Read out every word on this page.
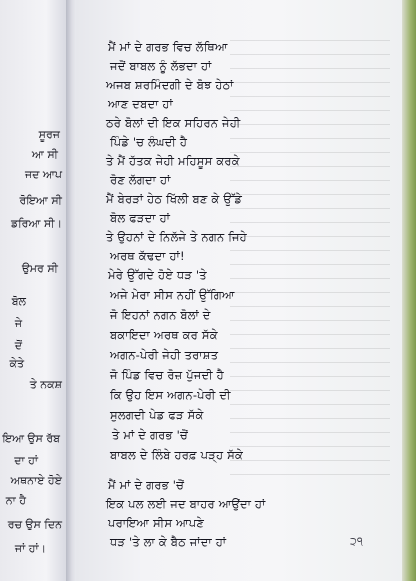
ਸੂਰਜ
ਆ ਸੀ
ਜਦ ਆਪ
ਰੋਇਆ ਸੀ
ਡਰਿਆ ਸੀ।
ਉਮਰ ਸੀ
ਬੋਲ
ਜੇ
ਦੋਂ
ਕੇਤੇ
ਤੇ ਨਕਸ਼
ਇਆ ਉਸ ਰੱਬ
ਦਾ ਹਾਂ
ਅਥਨਾਏ ਹੋਏ
ਨਾ ਹੈ
ਰਚ ਉਸ ਦਿਨ
ਜਾਂ ਹਾਂ।
ਮੈਂ ਮਾਂ ਦੇ ਗਰਭ ਵਿਚ ਲੱਥਿਆ
ਜਦੋਂ ਬਾਬਲ ਨੂੰ ਲੱਭਦਾ ਹਾਂ
ਅਜਬ ਸ਼ਰਮਿੰਦਗੀ ਦੇ ਬੋਝ ਹੇਠਾਂ
ਆਣ ਦਬਦਾ ਹਾਂ
ਠਰੇ ਬੋਲਾਂ ਦੀ ਇਕ ਸਹਿਰਨ ਜੇਹੀ
ਪਿੰਡੇ 'ਚ ਲੰਘਦੀ ਹੈ
ਤੇ ਮੈਂ ਹੱਤਕ ਜੇਹੀ ਮਹਿਸੂਸ ਕਰਕੇ
ਰੋਣ ਲੱਗਦਾ ਹਾਂ
ਮੈਂ ਬੇਰੜਾਂ ਹੇਠ ਖਿੱਲੀ ਬਣ ਕੇ ਉੱਡੇ
ਬੋਲ ਫੜਦਾ ਹਾਂ
ਤੇ ਉਹਨਾਂ ਦੇ ਨਿਲੱਜੇ ਤੇ ਨਗਨ ਜਿਹੇ
ਅਰਥ ਕੱਢਦਾ ਹਾਂ!
ਮੇਰੇ ਉੱਗਦੇ ਹੋਏ ਧੜ 'ਤੇ
ਅਜੇ ਮੇਰਾ ਸੀਸ ਨਹੀਂ ਉੱਗਿਆ
ਜੋ ਇਹਨਾਂ ਨਗਨ ਬੋਲਾਂ ਦੇ
ਬਕਾਇਦਾ ਅਰਥ ਕਰ ਸੱਕੇ
ਅਗਨ-ਪੇਰੀ ਜੇਹੀ ਤਰਾਸ਼ਤ
ਜੋ ਪਿੰਡ ਵਿਚ ਰੋਜ਼ ਪੁੱਜਦੀ ਹੈ
ਕਿ ਉਹ ਇਸ ਅਗਨ-ਪੇਰੀ ਦੀ
ਸੁਲਗਦੀ ਪੇਡ ਫੜ ਸੱਕੇ
ਤੇ ਮਾਂ ਦੇ ਗਰਭ 'ਚੋਂ
ਬਾਬਲ ਦੇ ਲਿੰਬੇ ਹਰਫ਼ ਪੜ੍ਹ ਸੱਕੇ
੨੧
ਮੈਂ ਮਾਂ ਦੇ ਗਰਭ 'ਚੋਂ
ਇਕ ਪਲ ਲਈ ਜਦ ਬਾਹਰ ਆਉਂਦਾ ਹਾਂ
ਪਰਾਇਆ ਸੀਸ ਆਪਣੇ
ਧੜ 'ਤੇ ਲਾ ਕੇ ਬੈਠ ਜਾਂਦਾ ਹਾਂ
